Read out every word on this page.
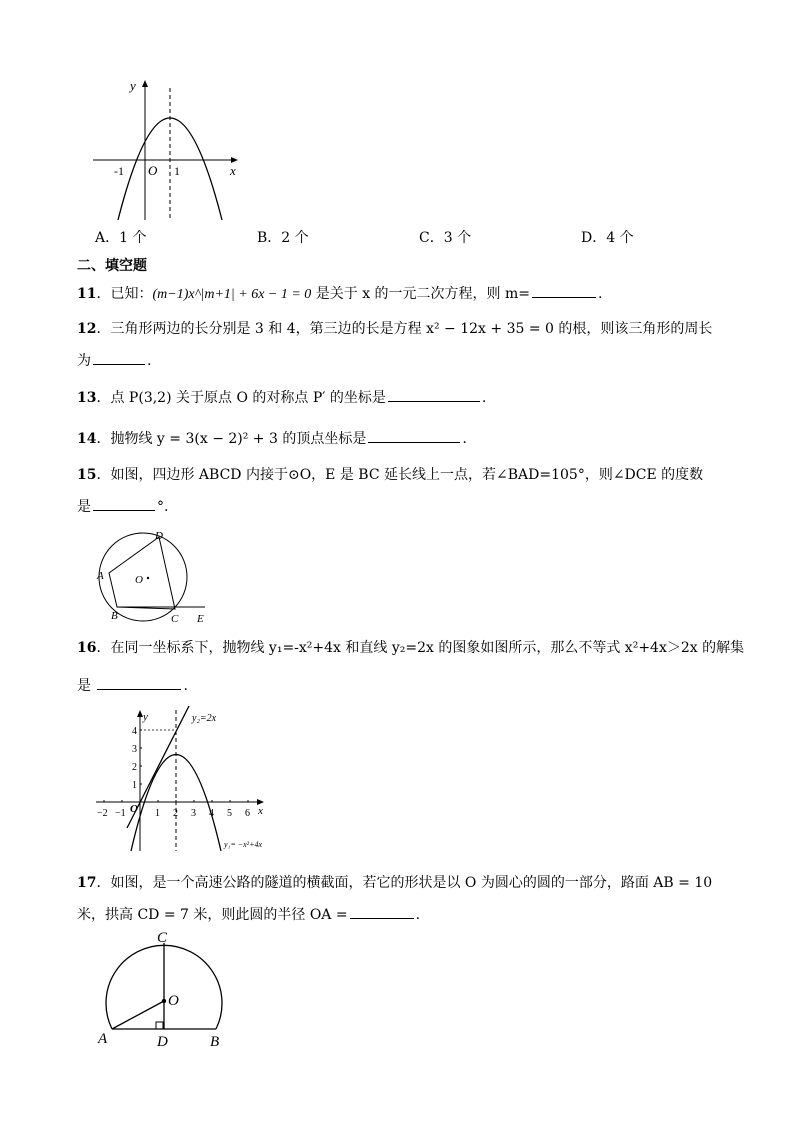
y
x
-1 O 1
A．1 个	B．2 个	C．3 个	D．4 个
二、填空题
11．已知：(m−1)x^|m+1| + 6x − 1 = 0 是关于 x 的一元二次方程，则 m=	.
12．三角形两边的长分别是 3 和 4，第三边的长是方程 x² − 12x + 35 = 0 的根，则该三角形的周长
为	.
13．点 P(3,2) 关于原点 O 的对称点 P′ 的坐标是	.
14．抛物线 y = 3(x − 2)² + 3 的顶点坐标是	.
15．如图，四边形 ABCD 内接于⊙O，E 是 BC 延长线上一点，若∠BAD=105°，则∠DCE 的度数
是	°.
D
A	O
B	C E
16．在同一坐标系下，抛物线 y₁=-x²+4x 和直线 y₂=2x 的图象如图所示，那么不等式 x²+4x＞2x 的解集
是	.
y
x
O
−2 −1	1 2 3 4 5 6
1
2
3
4
y₂=2x
y₁= −x²+4x
17．如图，是一个高速公路的隧道的横截面，若它的形状是以 O 为圆心的圆的一部分，路面 AB = 10
米，拱高 CD = 7 米，则此圆的半径 OA =	.
C
O
A	D	B
